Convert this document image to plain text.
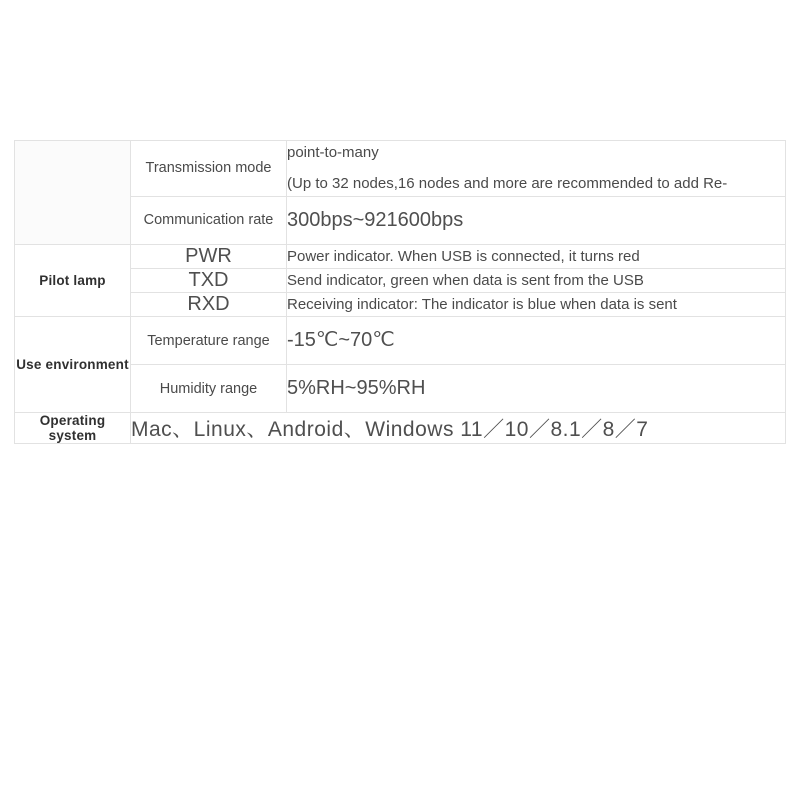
	Transmission mode	point-to-many
(Up to 32 nodes,16 nodes and more are recommended to add Re-

	Communication rate	300bps~921600bps

Pilot lamp	PWR	Power indicator. When USB is connected, it turns red

	TXD	Send indicator, green when data is sent from the USB

	RXD	Receiving indicator: The indicator is blue when data is sent

Use environment	Temperature range	-15℃~70℃

	Humidity range	5%RH~95%RH

Operating system	Mac、Linux、Android、Windows 11／10／8.1／8／7	
